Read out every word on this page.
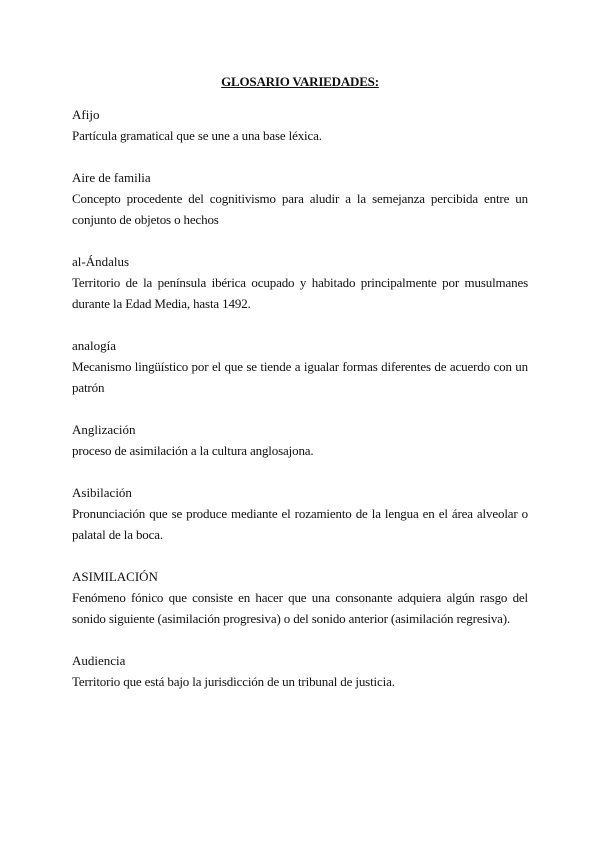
GLOSARIO VARIEDADES:

Afijo

Partícula gramatical que se une a una base léxica.

Aire de familia

Concepto procedente del cognitivismo para aludir a la semejanza percibida entre un conjunto de objetos o hechos

al-Ándalus

Territorio de la península ibérica ocupado y habitado principalmente por musulmanes durante la Edad Media, hasta 1492.

analogía

Mecanismo lingüístico por el que se tiende a igualar formas diferentes de acuerdo con un patrón

Anglización

proceso de asimilación a la cultura anglosajona.

Asibilación

Pronunciación que se produce mediante el rozamiento de la lengua en el área alveolar o palatal de la boca.

ASIMILACIÓN

Fenómeno fónico que consiste en hacer que una consonante adquiera algún rasgo del sonido siguiente (asimilación progresiva) o del sonido anterior (asimilación regresiva).

Audiencia

Territorio que está bajo la jurisdicción de un tribunal de justicia.
